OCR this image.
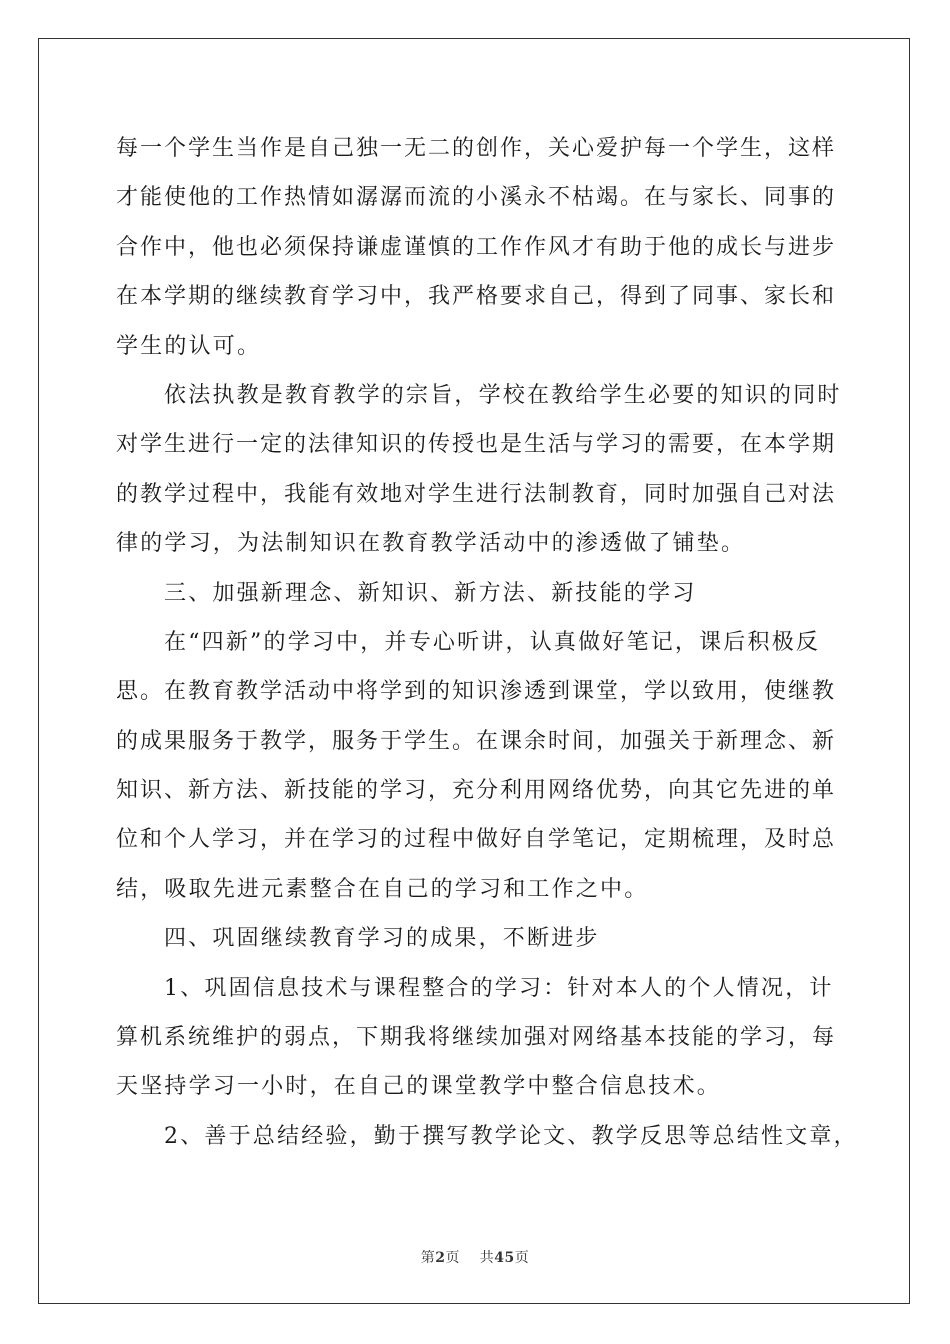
每一个学生当作是自己独一无二的创作，关心爱护每一个学生，这样
才能使他的工作热情如潺潺而流的小溪永不枯竭。在与家长、同事的
合作中，他也必须保持谦虚谨慎的工作作风才有助于他的成长与进步
在本学期的继续教育学习中，我严格要求自己，得到了同事、家长和
学生的认可。
依法执教是教育教学的宗旨，学校在教给学生必要的知识的同时
对学生进行一定的法律知识的传授也是生活与学习的需要，在本学期
的教学过程中，我能有效地对学生进行法制教育，同时加强自己对法
律的学习，为法制知识在教育教学活动中的渗透做了铺垫。
三、加强新理念、新知识、新方法、新技能的学习
在“四新”的学习中，并专心听讲，认真做好笔记，课后积极反
思。在教育教学活动中将学到的知识渗透到课堂，学以致用，使继教
的成果服务于教学，服务于学生。在课余时间，加强关于新理念、新
知识、新方法、新技能的学习，充分利用网络优势，向其它先进的单
位和个人学习，并在学习的过程中做好自学笔记，定期梳理，及时总
结，吸取先进元素整合在自己的学习和工作之中。
四、巩固继续教育学习的成果，不断进步
1、巩固信息技术与课程整合的学习：针对本人的个人情况，计
算机系统维护的弱点，下期我将继续加强对网络基本技能的学习，每
天坚持学习一小时，在自己的课堂教学中整合信息技术。
2、善于总结经验，勤于撰写教学论文、教学反思等总结性文章，
第2页 共45页
